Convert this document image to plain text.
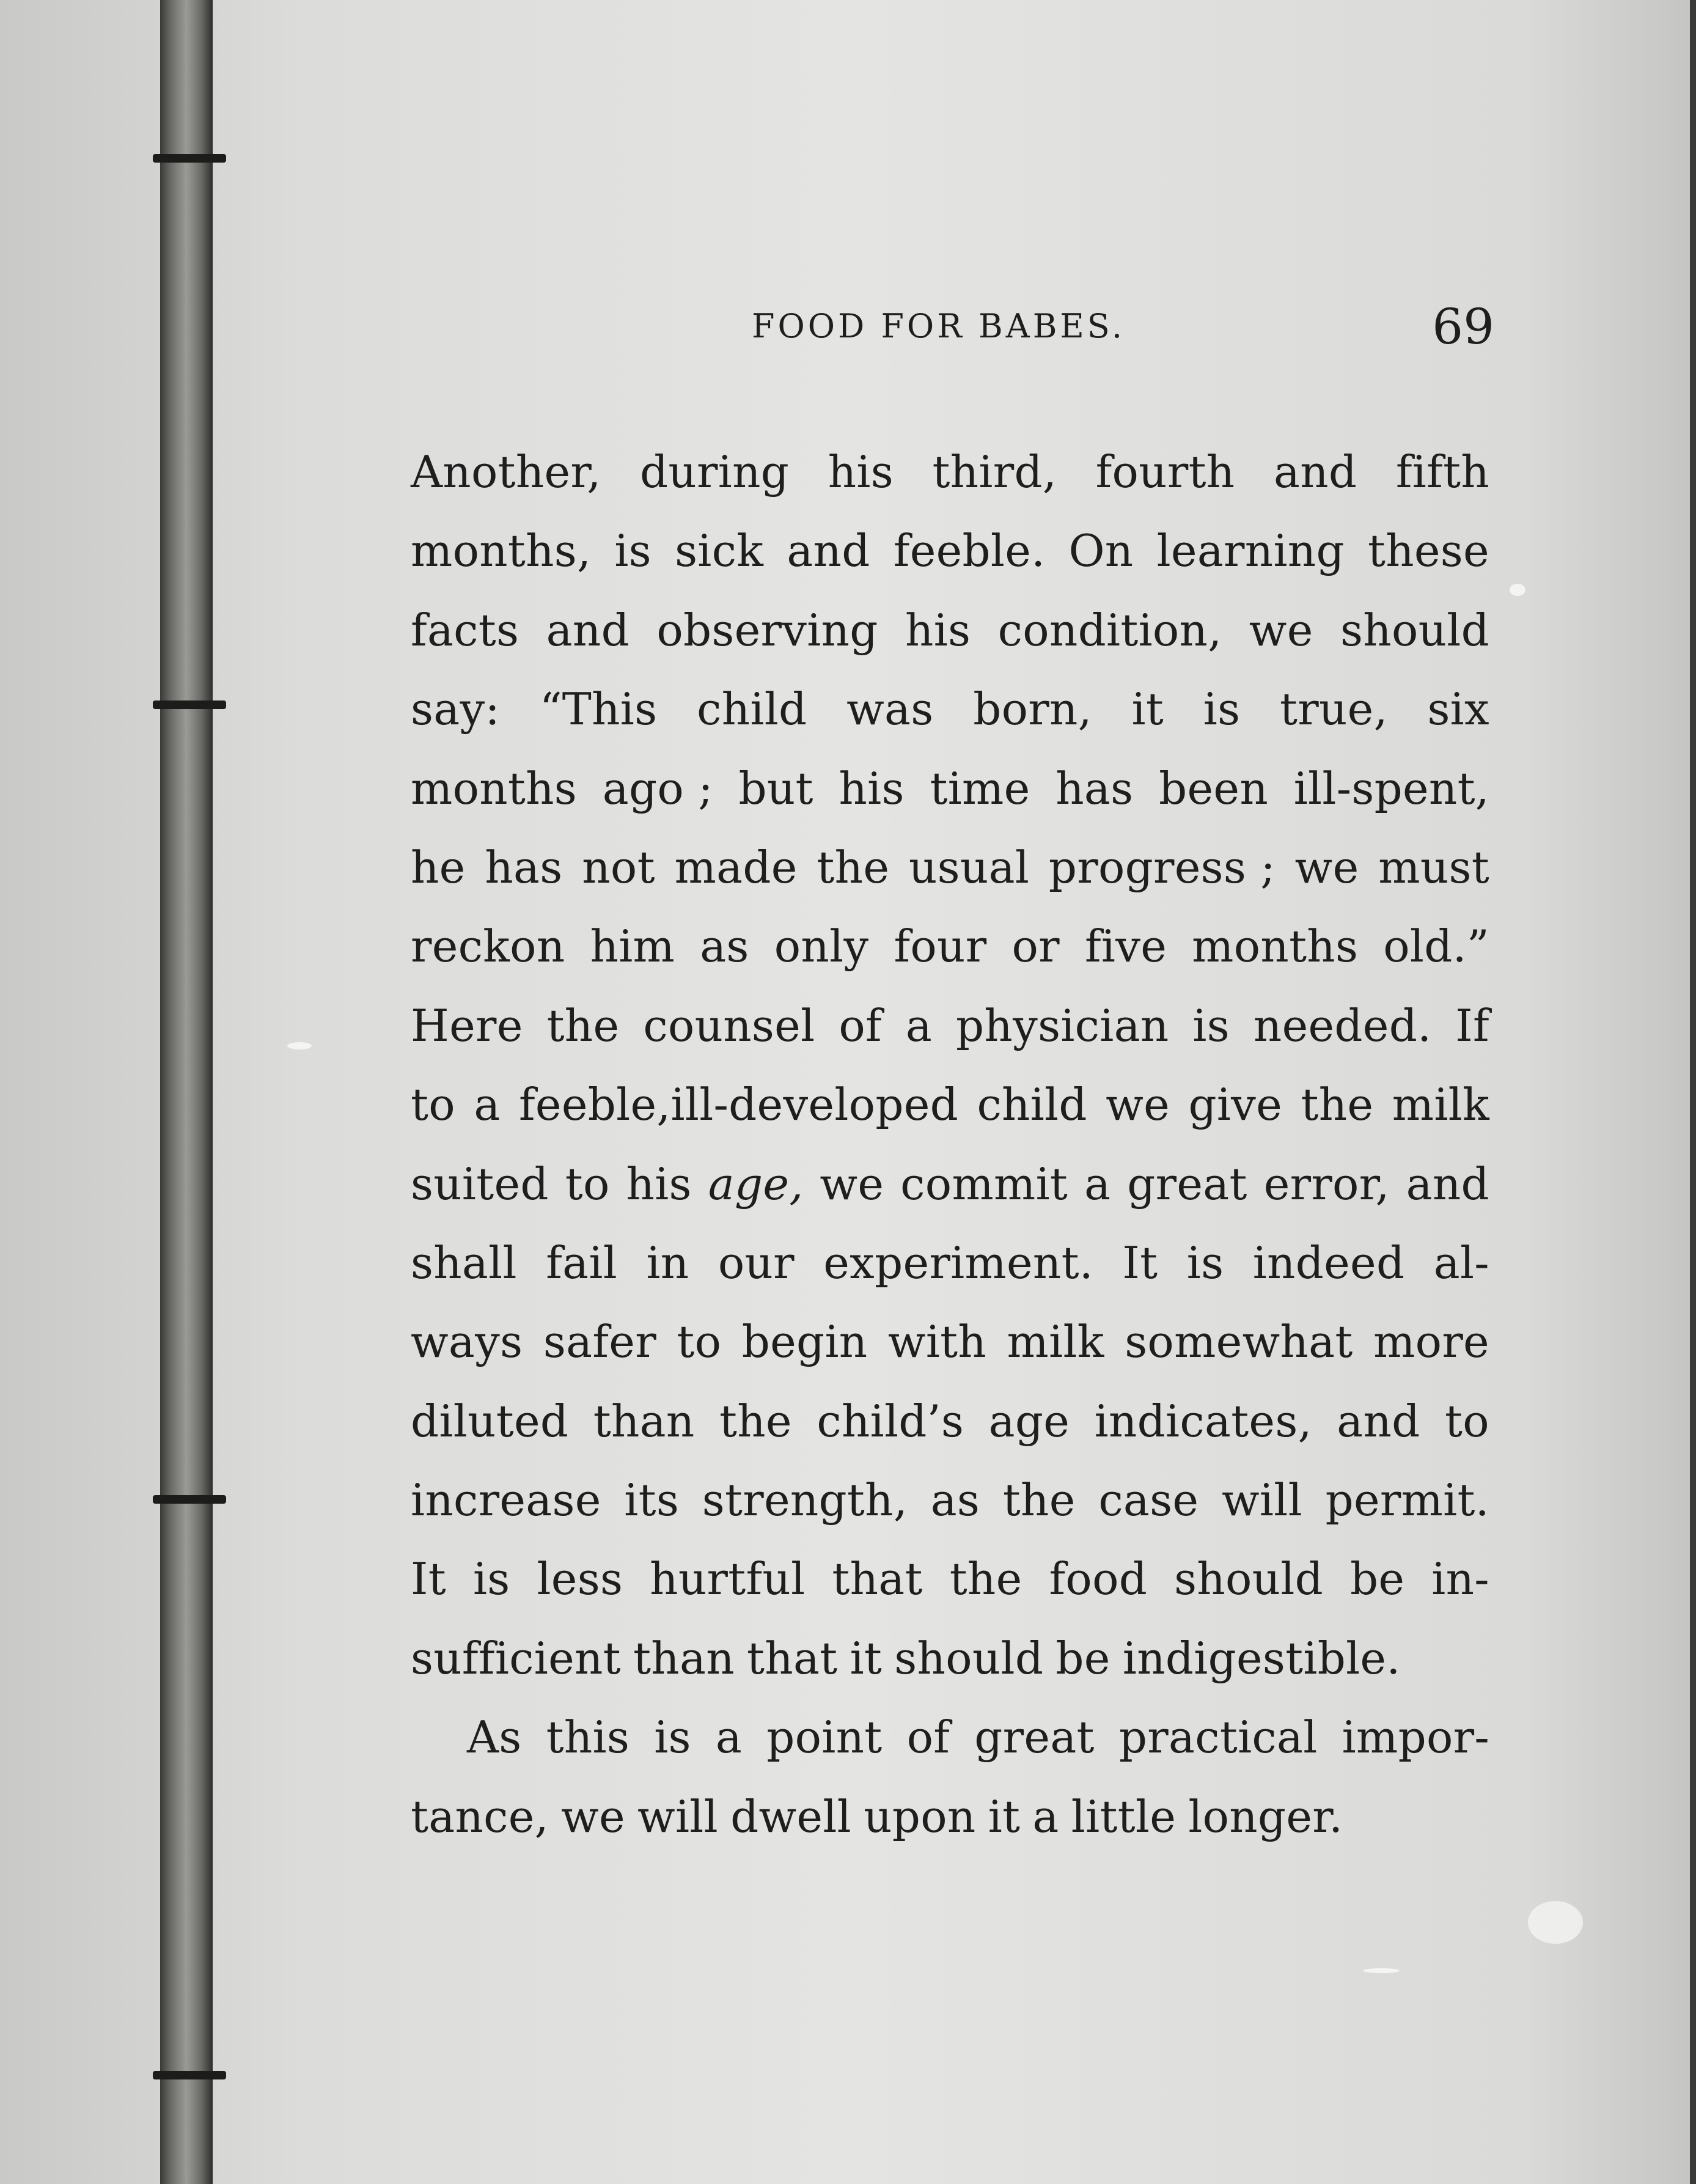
FOOD FOR BABES.	69
Another, during his third, fourth and fifth
months, is sick and feeble. On learning these
facts and observing his condition, we should
say: “This child was born, it is true, six
months ago ; but his time has been ill-spent,
he has not made the usual progress ; we must
reckon him as only four or five months old.”
Here the counsel of a physician is needed. If
to a feeble,ill-developed child we give the milk
suited to his age, we commit a great error, and
shall fail in our experiment. It is indeed al-
ways safer to begin with milk somewhat more
diluted than the child’s age indicates, and to
increase its strength, as the case will permit.
It is less hurtful that the food should be in-
sufficient than that it should be indigestible.
As this is a point of great practical impor-
tance, we will dwell upon it a little longer.
